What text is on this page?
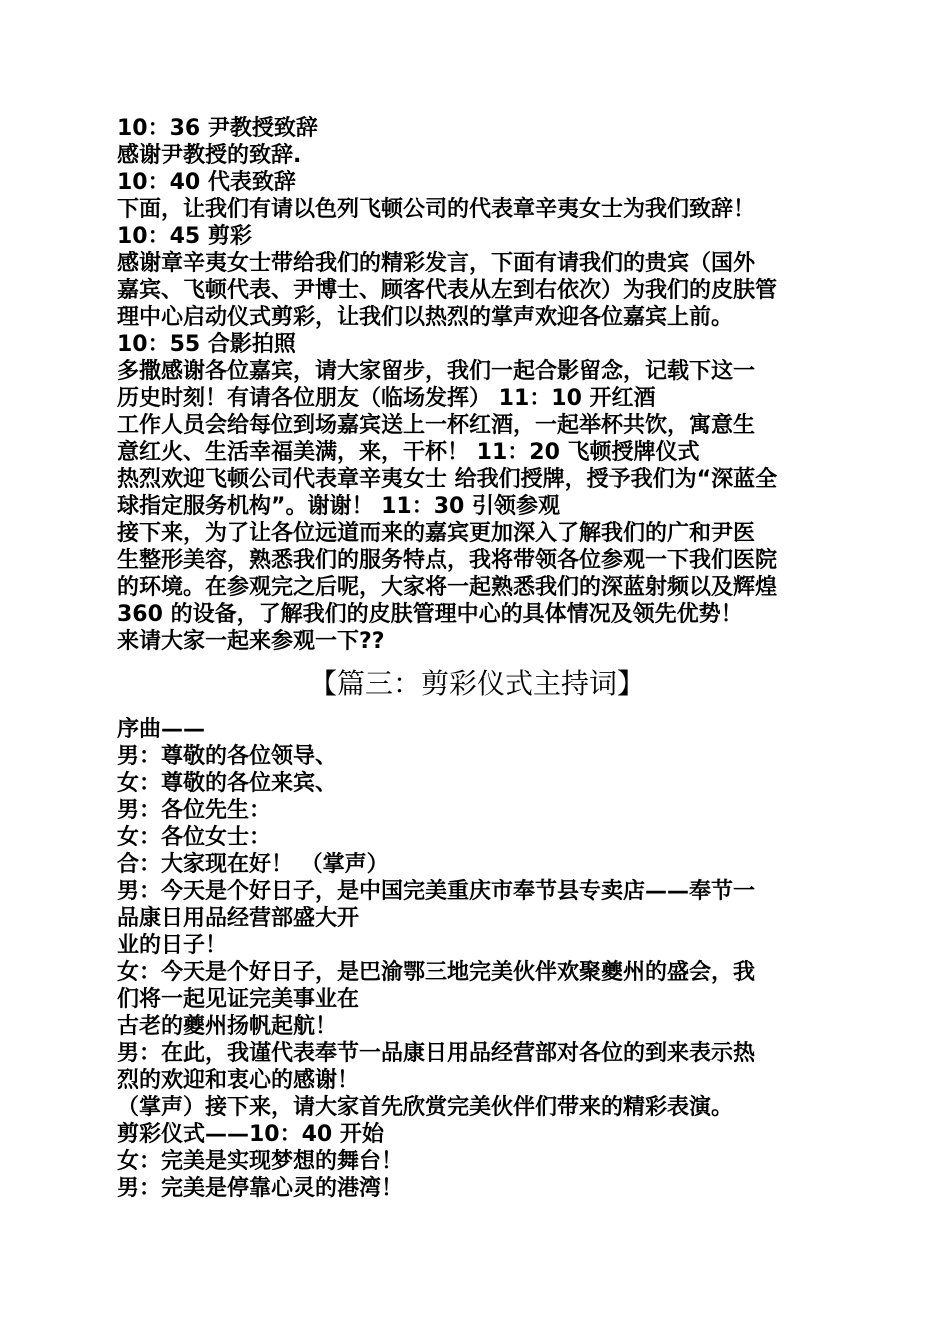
10：36 尹教授致辞

感谢尹教授的致辞.

10：40 代表致辞

下面，让我们有请以色列飞顿公司的代表章辛夷女士为我们致辞！

10：45 剪彩

感谢章辛夷女士带给我们的精彩发言，下面有请我们的贵宾（国外

嘉宾、飞顿代表、尹博士、顾客代表从左到右依次）为我们的皮肤管

理中心启动仪式剪彩，让我们以热烈的掌声欢迎各位嘉宾上前。

10：55 合影拍照

多撒感谢各位嘉宾，请大家留步，我们一起合影留念，记载下这一

历史时刻！有请各位朋友（临场发挥） 11：10 开红酒

工作人员会给每位到场嘉宾送上一杯红酒，一起举杯共饮，寓意生

意红火、生活幸福美满，来，干杯！ 11：20 飞顿授牌仪式

热烈欢迎飞顿公司代表章辛夷女士 给我们授牌，授予我们为“深蓝全

球指定服务机构”。谢谢！ 11：30 引领参观

接下来，为了让各位远道而来的嘉宾更加深入了解我们的广和尹医

生整形美容，熟悉我们的服务特点，我将带领各位参观一下我们医院

的环境。在参观完之后呢，大家将一起熟悉我们的深蓝射频以及辉煌

360 的设备，了解我们的皮肤管理中心的具体情况及领先优势！

来请大家一起来参观一下??

【篇三：剪彩仪式主持词】

序曲——

男：尊敬的各位领导、

女：尊敬的各位来宾、

男：各位先生：

女：各位女士：

合：大家现在好！ （掌声）

男：今天是个好日子，是中国完美重庆市奉节县专卖店——奉节一

品康日用品经营部盛大开

业的日子！

女：今天是个好日子，是巴渝鄂三地完美伙伴欢聚夔州的盛会，我

们将一起见证完美事业在

古老的夔州扬帆起航！

男：在此，我谨代表奉节一品康日用品经营部对各位的到来表示热

烈的欢迎和衷心的感谢！

（掌声）接下来，请大家首先欣赏完美伙伴们带来的精彩表演。

剪彩仪式——10：40 开始

女：完美是实现梦想的舞台！

男：完美是停靠心灵的港湾！
